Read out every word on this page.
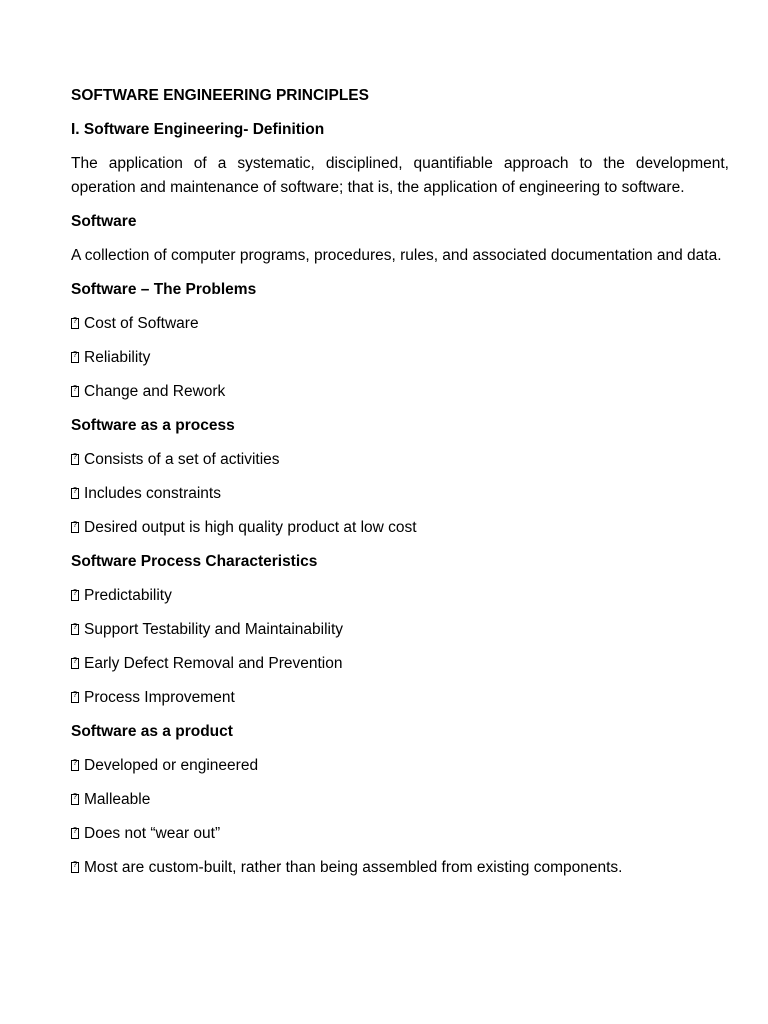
SOFTWARE ENGINEERING PRINCIPLES

I. Software Engineering- Definition

The application of a systematic, disciplined, quantifiable approach to the development, operation and maintenance of software; that is, the application of engineering to software.

Software

A collection of computer programs, procedures, rules, and associated documentation and data.

Software – The Problems

?Cost of Software

?Reliability

?Change and Rework

Software as a process

?Consists of a set of activities

?Includes constraints

?Desired output is high quality product at low cost

Software Process Characteristics

?Predictability

?Support Testability and Maintainability

?Early Defect Removal and Prevention

?Process Improvement

Software as a product

?Developed or engineered

?Malleable

?Does not “wear out”

?Most are custom-built, rather than being assembled from existing components.
